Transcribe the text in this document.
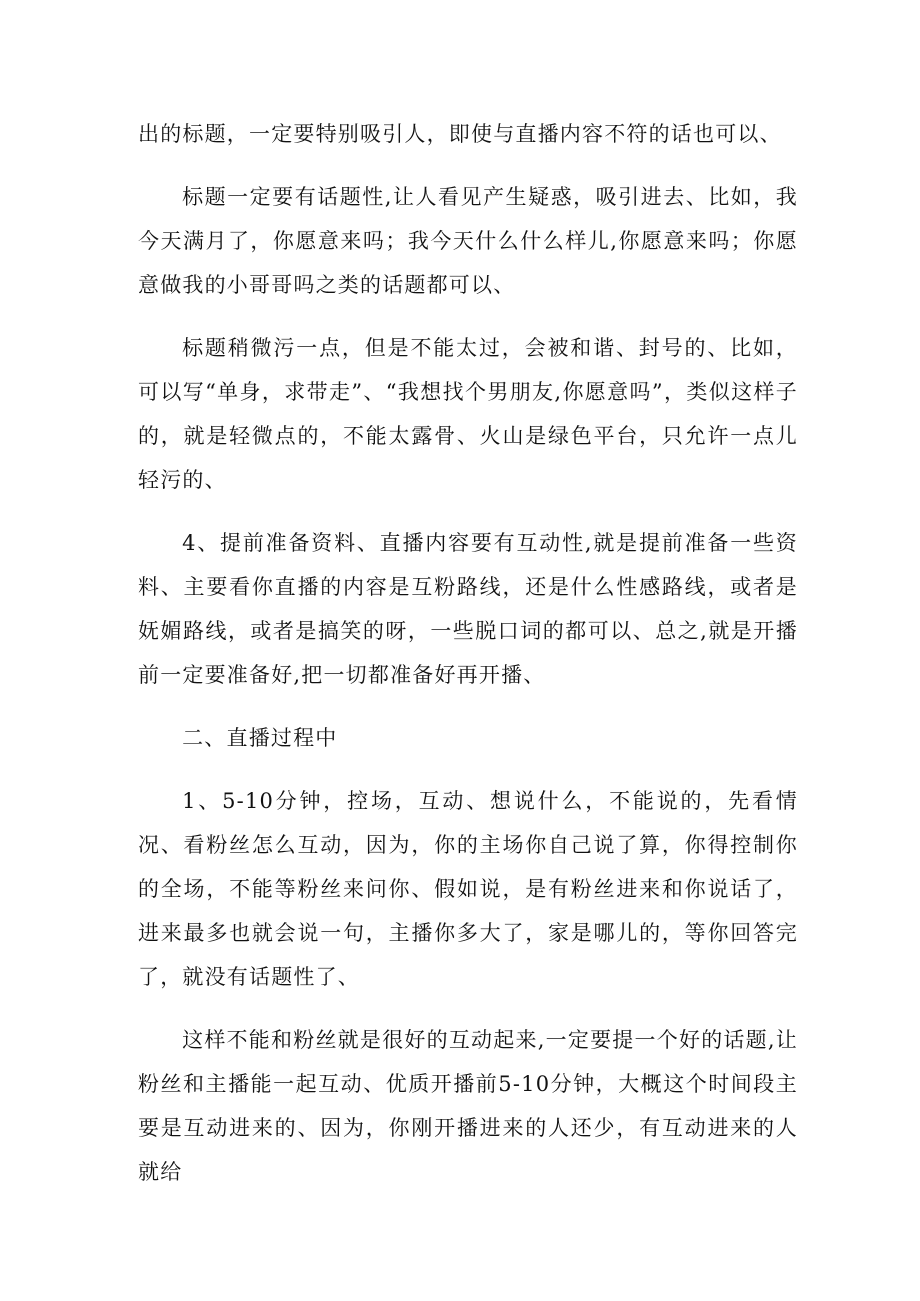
出的标题，一定要特别吸引人，即使与直播内容不符的话也可以、

标题一定要有话题性,让人看见产生疑惑，吸引进去、比如，我今天满月了，你愿意来吗；我今天什么什么样儿,你愿意来吗；你愿意做我的小哥哥吗之类的话题都可以、

标题稍微污一点，但是不能太过，会被和谐、封号的、比如，可以写“单身，求带走”、“我想找个男朋友,你愿意吗”，类似这样子的，就是轻微点的，不能太露骨、火山是绿色平台，只允许一点儿轻污的、

4、提前准备资料、直播内容要有互动性,就是提前准备一些资料、主要看你直播的内容是互粉路线，还是什么性感路线，或者是妩媚路线，或者是搞笑的呀，一些脱口词的都可以、总之,就是开播前一定要准备好,把一切都准备好再开播、

二、直播过程中

1、5-10分钟，控场，互动、想说什么，不能说的，先看情况、看粉丝怎么互动，因为，你的主场你自己说了算，你得控制你的全场，不能等粉丝来问你、假如说，是有粉丝进来和你说话了，进来最多也就会说一句，主播你多大了，家是哪儿的，等你回答完了，就没有话题性了、

这样不能和粉丝就是很好的互动起来,一定要提一个好的话题,让粉丝和主播能一起互动、优质开播前5-10分钟，大概这个时间段主要是互动进来的、因为，你刚开播进来的人还少，有互动进来的人就给
